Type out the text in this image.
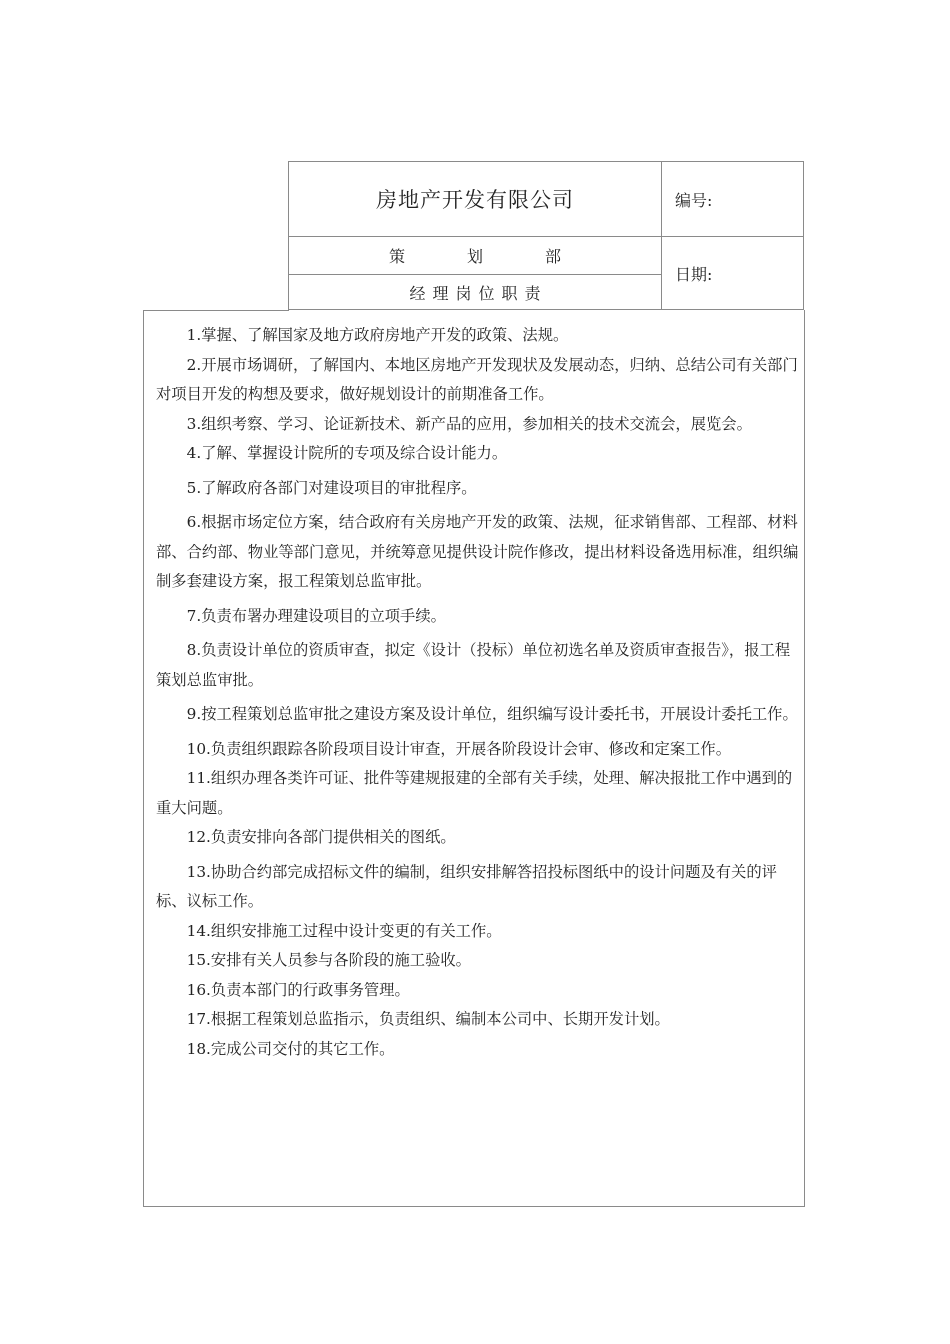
房地产开发有限公司
策划部
经理岗位职责
编号:
日期:
1.掌握、了解国家及地方政府房地产开发的政策、法规。
2.开展市场调研，了解国内、本地区房地产开发现状及发展动态，归纳、总结公司有关部门对项目开发的构想及要求，做好规划设计的前期准备工作。
3.组织考察、学习、论证新技术、新产品的应用，参加相关的技术交流会，展览会。
4.了解、掌握设计院所的专项及综合设计能力。
5.了解政府各部门对建设项目的审批程序。
6.根据市场定位方案，结合政府有关房地产开发的政策、法规，征求销售部、工程部、材料部、合约部、物业等部门意见，并统筹意见提供设计院作修改，提出材料设备选用标准，组织编制多套建设方案，报工程策划总监审批。
7.负责布署办理建设项目的立项手续。
8.负责设计单位的资质审查，拟定《设计（投标）单位初选名单及资质审查报告》，报工程策划总监审批。
9.按工程策划总监审批之建设方案及设计单位，组织编写设计委托书，开展设计委托工作。
10.负责组织跟踪各阶段项目设计审查，开展各阶段设计会审、修改和定案工作。
11.组织办理各类许可证、批件等建规报建的全部有关手续，处理、解决报批工作中遇到的重大问题。
12.负责安排向各部门提供相关的图纸。
13.协助合约部完成招标文件的编制，组织安排解答招投标图纸中的设计问题及有关的评标、议标工作。
14.组织安排施工过程中设计变更的有关工作。
15.安排有关人员参与各阶段的施工验收。
16.负责本部门的行政事务管理。
17.根据工程策划总监指示，负责组织、编制本公司中、长期开发计划。
18.完成公司交付的其它工作。
